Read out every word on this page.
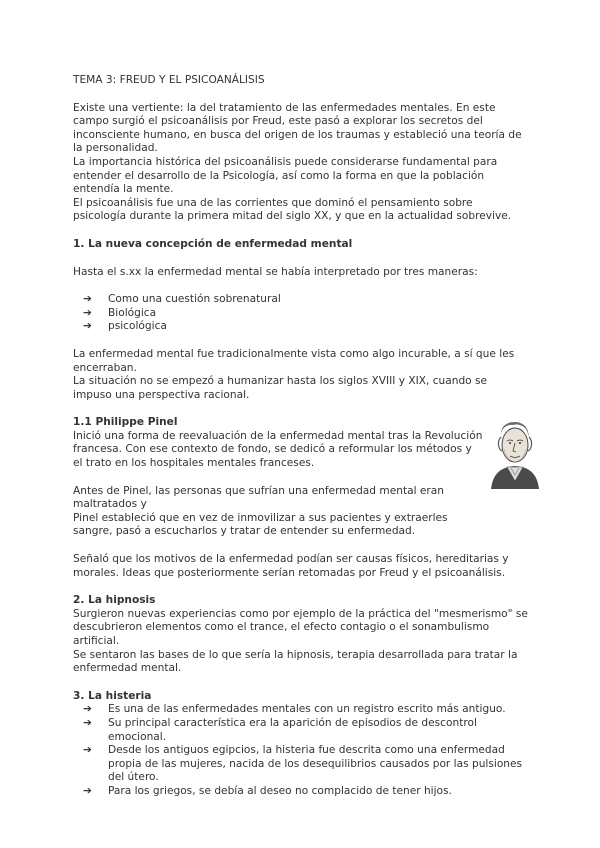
TEMA 3: FREUD Y EL PSICOANÁLISIS

Existe una vertiente: la del tratamiento de las enfermedades mentales. En este campo surgió el psicoanálisis por Freud, este pasó a explorar los secretos del inconsciente humano, en busca del origen de los traumas y estableció una teoría de la personalidad.

La importancia histórica del psicoanálisis puede considerarse fundamental para entender el desarrollo de la Psicología, así como la forma en que la población entendía la mente.

El psicoanálisis fue una de las corrientes que dominó el pensamiento sobre psicología durante la primera mitad del siglo XX, y que en la actualidad sobrevive.

1. La nueva concepción de enfermedad mental

Hasta el s.xx la enfermedad mental se había interpretado por tres maneras:

➔ Como una cuestión sobrenatural
➔ Biológica
➔ psicológica

La enfermedad mental fue tradicionalmente vista como algo incurable, a sí que les encerraban.

La situación no se empezó a humanizar hasta los siglos XVIII y XIX, cuando se impuso una perspectiva racional.

1.1 Philippe Pinel

Inició una forma de reevaluación de la enfermedad mental tras la Revolución francesa. Con ese contexto de fondo, se dedicó a reformular los métodos y el trato en los hospitales mentales franceses.

Antes de Pinel, las personas que sufrían una enfermedad mental eran maltratados y

Pinel estableció que en vez de inmovilizar a sus pacientes y extraerles sangre, pasó a escucharlos y tratar de entender su enfermedad.

Señaló que los motivos de la enfermedad podían ser causas físicos, hereditarias y morales. Ideas que posteriormente serían retomadas por Freud y el psicoanálisis.

2. La hipnosis

Surgieron nuevas experiencias como por ejemplo de la práctica del "mesmerismo" se descubrieron elementos como el trance, el efecto contagio o el sonambulismo artificial.

Se sentaron las bases de lo que sería la hipnosis, terapia desarrollada para tratar la enfermedad mental.

3. La histeria

➔ Es una de las enfermedades mentales con un registro escrito más antiguo.
➔ Su principal característica era la aparición de episodios de descontrol emocional.
➔ Desde los antiguos egipcios, la histeria fue descrita como una enfermedad propia de las mujeres, nacida de los desequilibrios causados por las pulsiones del útero.
➔ Para los griegos, se debía al deseo no complacido de tener hijos.
